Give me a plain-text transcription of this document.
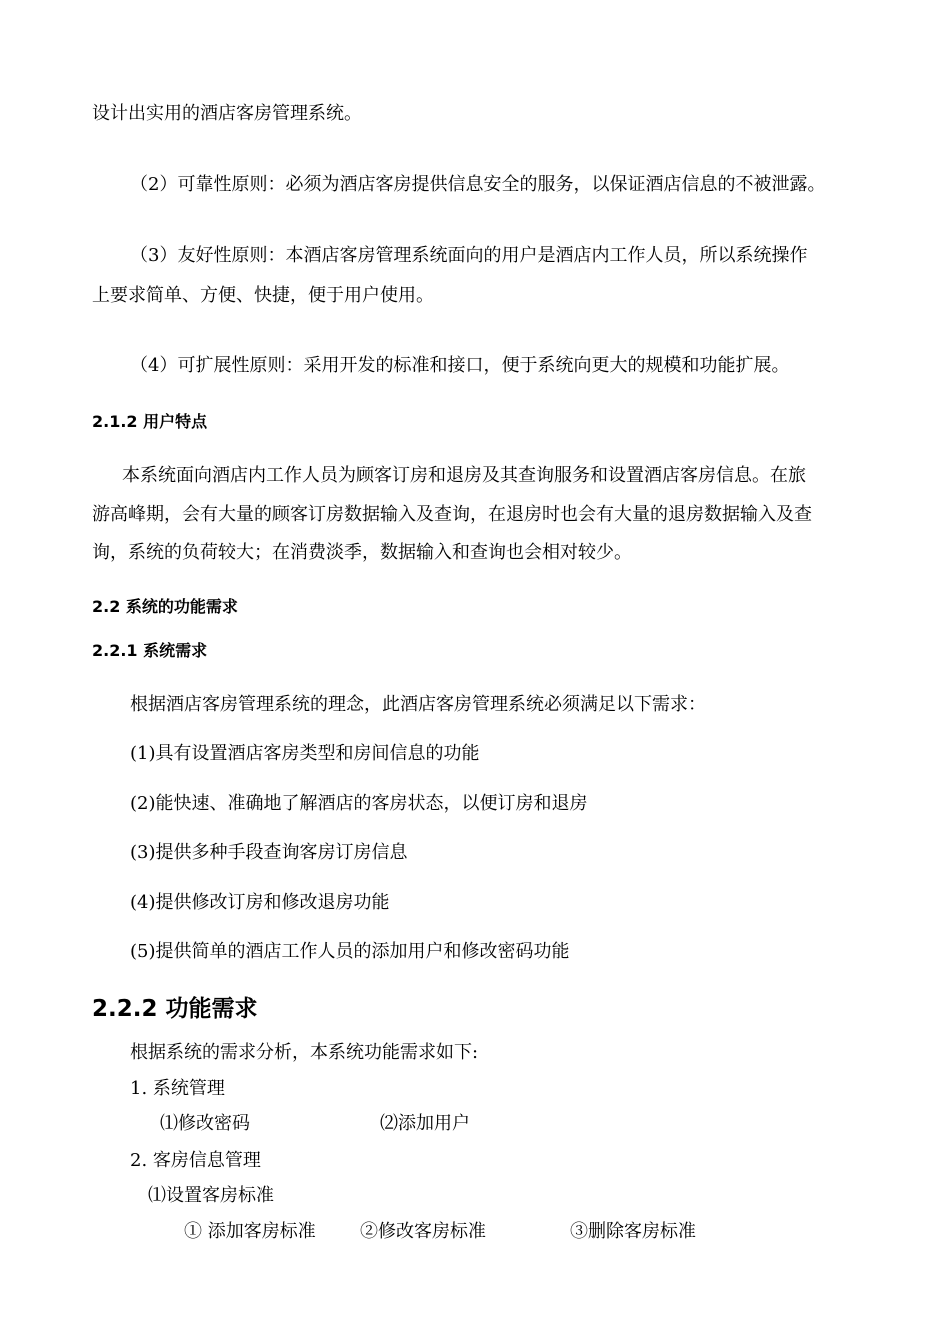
设计出实用的酒店客房管理系统。
（2）可靠性原则：必须为酒店客房提供信息安全的服务，以保证酒店信息的不被泄露。
（3）友好性原则：本酒店客房管理系统面向的用户是酒店内工作人员，所以系统操作
上要求简单、方便、快捷，便于用户使用。
（4）可扩展性原则：采用开发的标准和接口，便于系统向更大的规模和功能扩展。
2.1.2 用户特点
本系统面向酒店内工作人员为顾客订房和退房及其查询服务和设置酒店客房信息。在旅
游高峰期，会有大量的顾客订房数据输入及查询，在退房时也会有大量的退房数据输入及查
询，系统的负荷较大；在消费淡季，数据输入和查询也会相对较少。
2.2 系统的功能需求
2.2.1 系统需求
根据酒店客房管理系统的理念，此酒店客房管理系统必须满足以下需求：
(1)具有设置酒店客房类型和房间信息的功能
(2)能快速、准确地了解酒店的客房状态，以便订房和退房
(3)提供多种手段查询客房订房信息
(4)提供修改订房和修改退房功能
(5)提供简单的酒店工作人员的添加用户和修改密码功能
2.2.2 功能需求
根据系统的需求分析，本系统功能需求如下:
1. 系统管理
⑴修改密码	⑵添加用户
2. 客房信息管理
⑴设置客房标准
① 添加客房标准 ②修改客房标准	③删除客房标准
